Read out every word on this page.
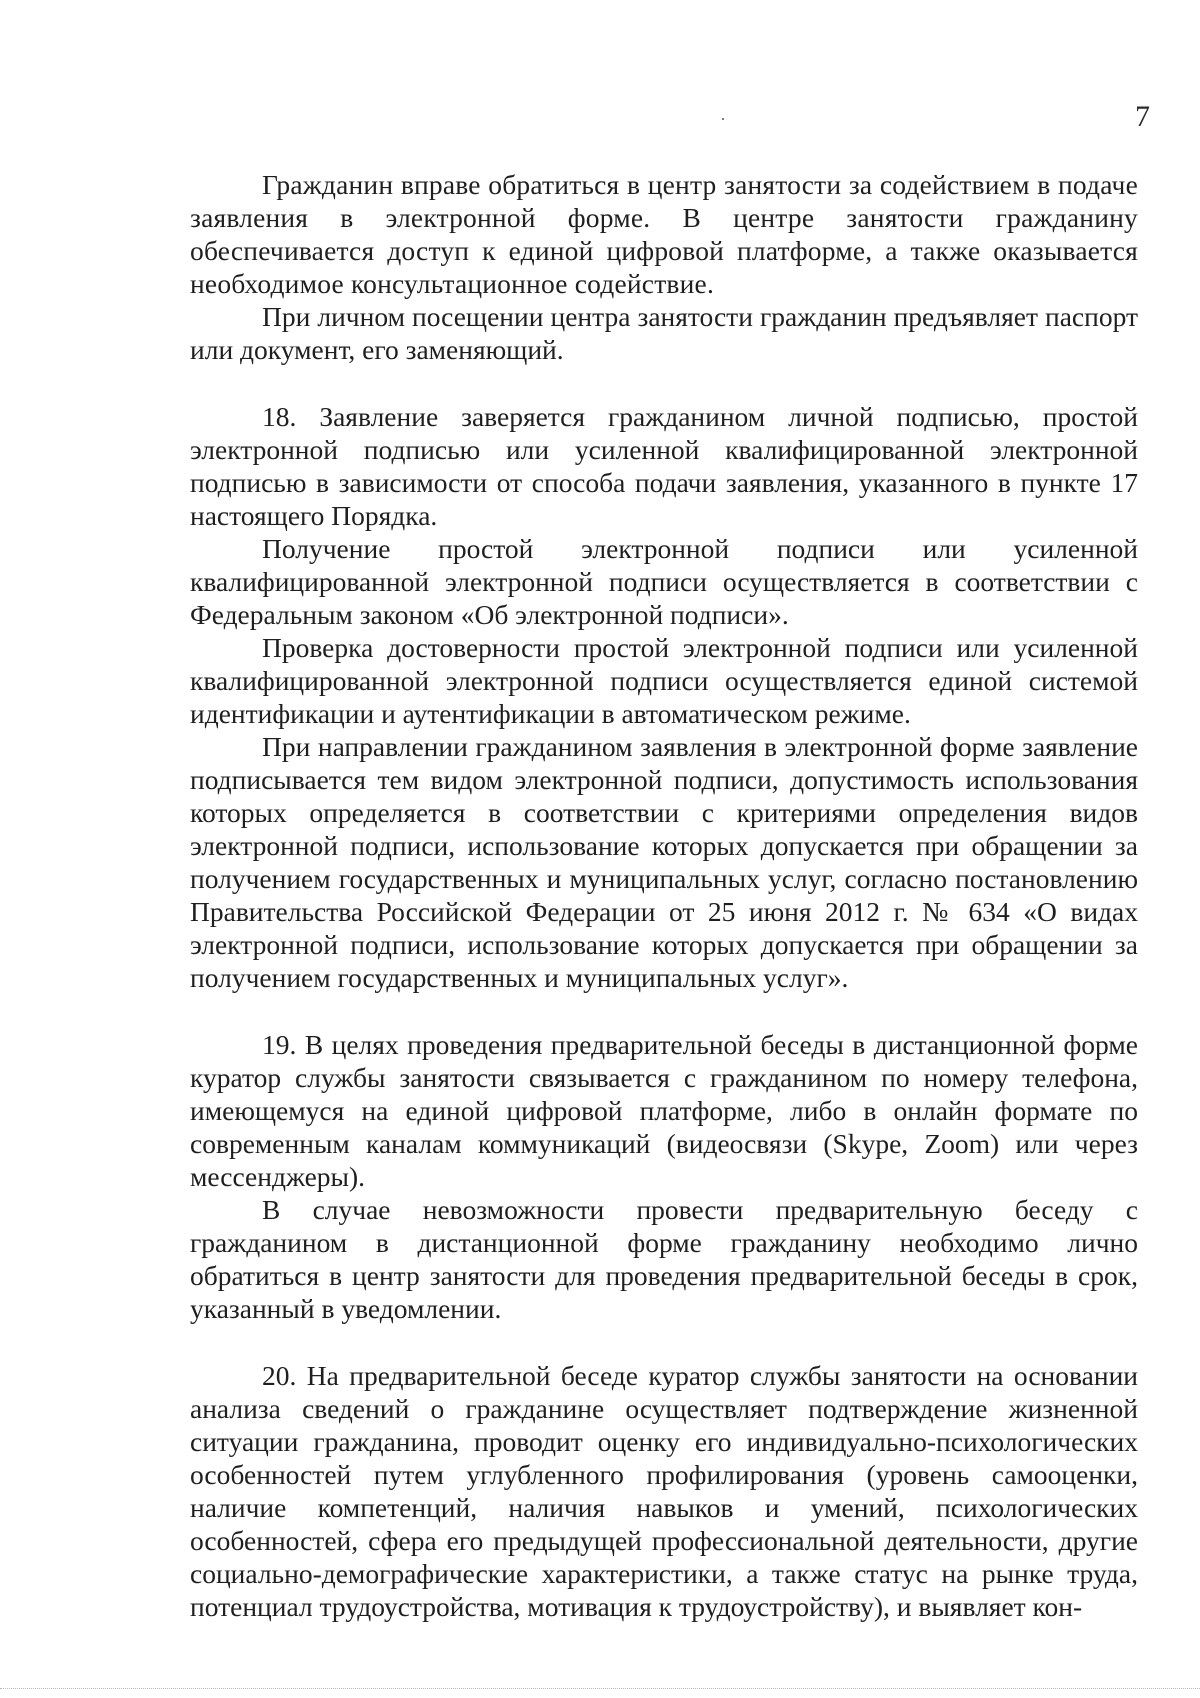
7

Гражданин вправе обратиться в центр занятости за содействием в подаче заявления в электронной форме. В центре занятости гражданину обеспечивается доступ к единой цифровой платформе, а также оказывается необходимое консультационное содействие.

При личном посещении центра занятости гражданин предъявляет паспорт или документ, его заменяющий.

18. Заявление заверяется гражданином личной подписью, простой электронной подписью или усиленной квалифицированной электронной подписью в зависимости от способа подачи заявления, указанного в пункте 17 настоящего Порядка.

Получение простой электронной подписи или усиленной квалифицированной электронной подписи осуществляется в соответствии с Федеральным законом «Об электронной подписи».

Проверка достоверности простой электронной подписи или усиленной квалифицированной электронной подписи осуществляется единой системой идентификации и аутентификации в автоматическом режиме.

При направлении гражданином заявления в электронной форме заявление подписывается тем видом электронной подписи, допустимость использования которых определяется в соответствии с критериями определения видов электронной подписи, использование которых допускается при обращении за получением государственных и муниципальных услуг, согласно постановлению Правительства Российской Федерации от 25 июня 2012 г. № 634 «О видах электронной подписи, использование которых допускается при обращении за получением государственных и муниципальных услуг».

19. В целях проведения предварительной беседы в дистанционной форме куратор службы занятости связывается с гражданином по номеру телефона, имеющемуся на единой цифровой платформе, либо в онлайн формате по современным каналам коммуникаций (видеосвязи (Skype, Zoom) или через мессенджеры).

В случае невозможности провести предварительную беседу с гражданином в дистанционной форме гражданину необходимо лично обратиться в центр занятости для проведения предварительной беседы в срок, указанный в уведомлении.

20. На предварительной беседе куратор службы занятости на основании анализа сведений о гражданине осуществляет подтверждение жизненной ситуации гражданина, проводит оценку его индивидуально-психологических особенностей путем углубленного профилирования (уровень самооценки, наличие компетенций, наличия навыков и умений, психологических особенностей, сфера его предыдущей профессиональной деятельности, другие социально-демографические характеристики, а также статус на рынке труда, потенциал трудоустройства, мотивация к трудоустройству), и выявляет кон-
